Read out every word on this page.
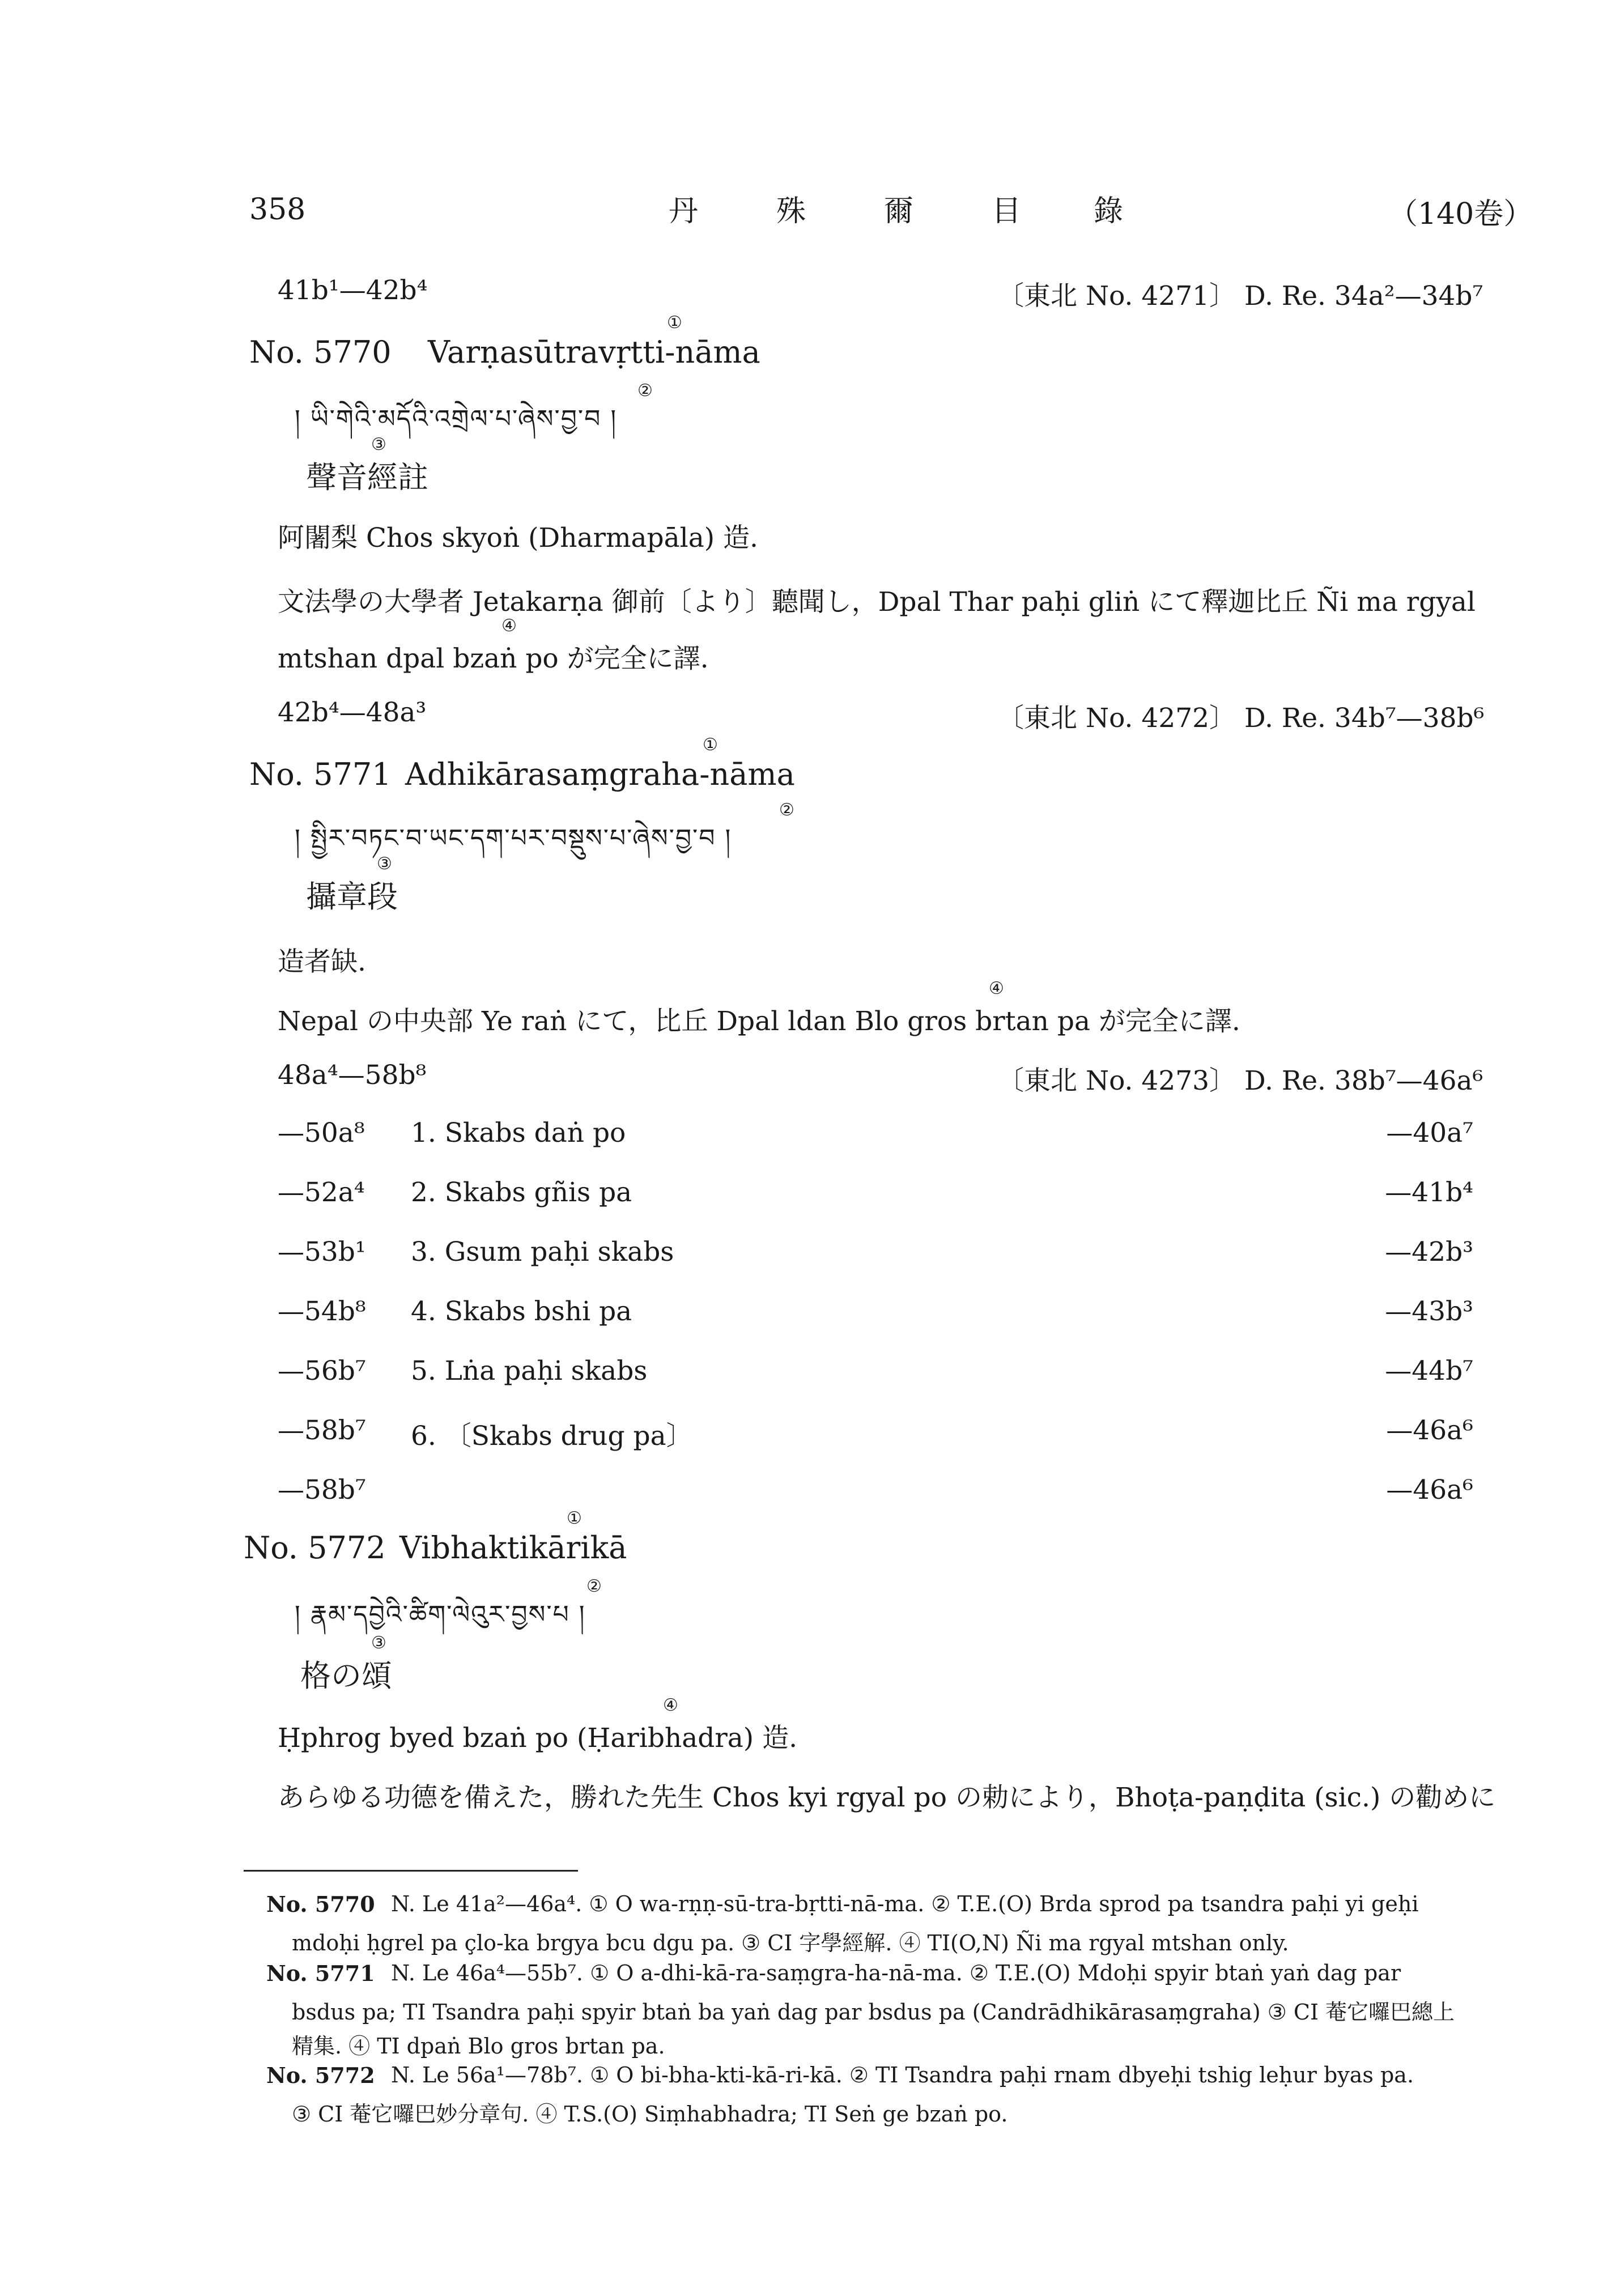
358	丹	殊	爾	目 錄	（140卷）
41b¹—42b⁴	〔東北 No. 4271〕 D. Re. 34a²—34b⁷
No. 5770 Varṇasūtravṛtti-nāma
①
། ཡི་གེའི་མདོའི་འགྲེལ་པ་ཞེས་བྱ་བ །
②
聲音經註
③
阿闍梨 Chos skyoṅ (Dharmapāla) 造.
文法學の大學者 Jetakarṇa 御前〔より〕聽聞し，Dpal Thar paḥi gliṅ にて釋迦比丘 Ñi ma rgyal
mtshan dpal bzaṅ po が完全に譯.
④
42b⁴—48a³	〔東北 No. 4272〕 D. Re. 34b⁷—38b⁶
No. 5771 Adhikārasaṃgraha-nāma
①
། སྤྱིར་བཏང་བ་ཡང་དག་པར་བསྡུས་པ་ཞེས་བྱ་བ །
②
攝章段
③
造者缺.
Nepal の中央部 Ye raṅ にて，比丘 Dpal ldan Blo gros brtan pa が完全に譯.
④
48a⁴—58b⁸	〔東北 No. 4273〕 D. Re. 38b⁷—46a⁶
—50a⁸ 1. Skabs daṅ po	—40a⁷
—52a⁴ 2. Skabs gñis pa	—41b⁴
—53b¹ 3. Gsum paḥi skabs	—42b³
—54b⁸ 4. Skabs bshi pa	—43b³
—56b⁷ 5. Lṅa paḥi skabs	—44b⁷
—58b⁷ 6. 〔Skabs drug pa〕	—46a⁶
—58b⁷	—46a⁶
No. 5772 Vibhaktikārikā
①
། རྣམ་དབྱེའི་ཚིག་ལེའུར་བྱས་པ །
②
格の頌
③
Ḥphrog byed bzaṅ po (Ḥaribhadra) 造.
④
あらゆる功德を備えた，勝れた先生 Chos kyi rgyal po の勅により，Bhoṭa-paṇḍita (sic.) の勸めに
No. 5770 N. Le 41a²—46a⁴. ① O wa-rṇṇ-sū-tra-bṛtti-nā-ma. ② T.E.(O) Brda sprod pa tsandra paḥi yi geḥi
mdoḥi ḥgrel pa çlo-ka brgya bcu dgu pa. ③ CI 字學經解. ④ TI(O,N) Ñi ma rgyal mtshan only.
No. 5771 N. Le 46a⁴—55b⁷. ① O a-dhi-kā-ra-saṃgra-ha-nā-ma. ② T.E.(O) Mdoḥi spyir btaṅ yaṅ dag par
bsdus pa; TI Tsandra paḥi spyir btaṅ ba yaṅ dag par bsdus pa (Candrādhikārasaṃgraha) ③ CI 菴它囉巴總上
精集. ④ TI dpaṅ Blo gros brtan pa.
No. 5772 N. Le 56a¹—78b⁷. ① O bi-bha-kti-kā-ri-kā. ② TI Tsandra paḥi rnam dbyeḥi tshig leḥur byas pa.
③ CI 菴它囉巴妙分章句. ④ T.S.(O) Siṃhabhadra; TI Seṅ ge bzaṅ po.
